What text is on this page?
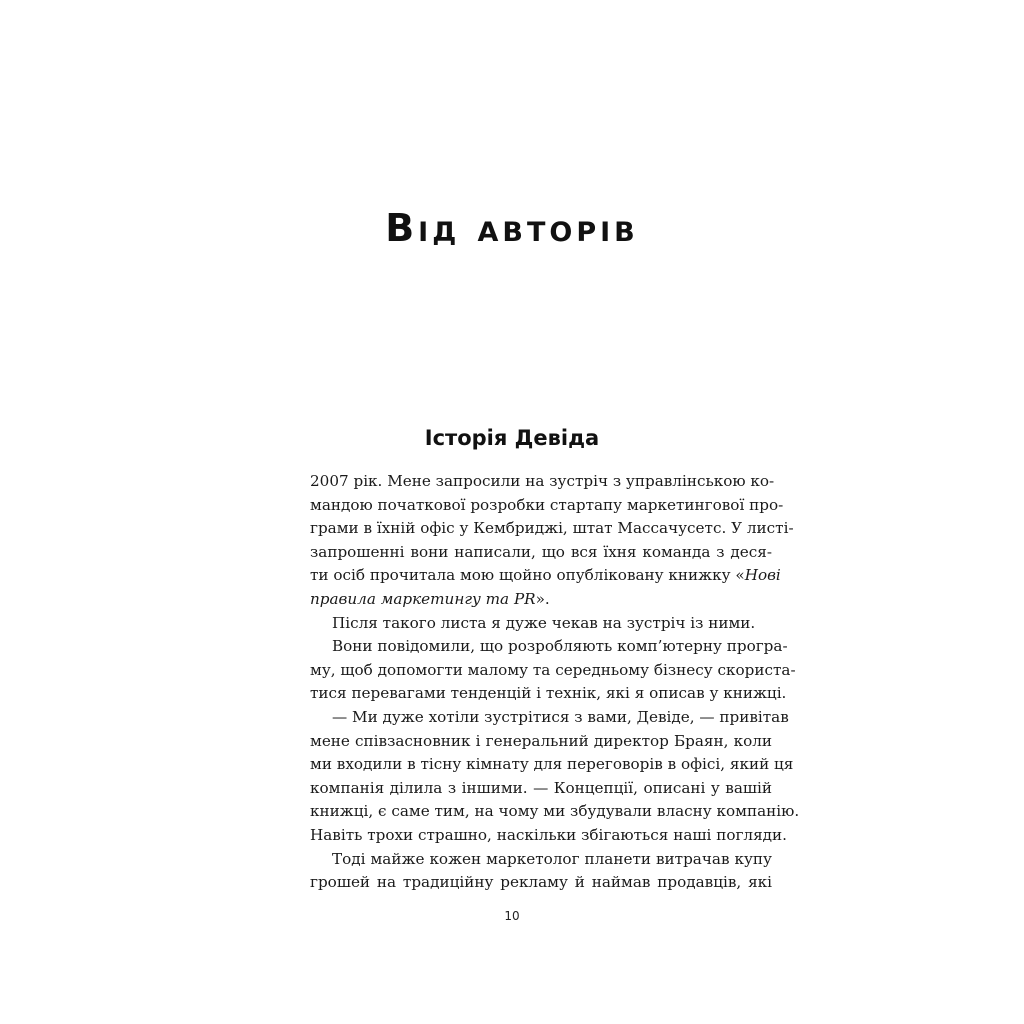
Від авторів
Історія Девіда
2007 рік. Мене запросили на зустріч з управлінською ко-
мандою початкової розробки стартапу маркетингової про-
грами в їхній офіс у Кембриджі, штат Массачусетс. У листі-
запрошенні вони написали, що вся їхня команда з деся-
ти осіб прочитала мою щойно опубліковану книжку «Нові
правила маркетингу та PR».
Після такого листа я дуже чекав на зустріч із ними.
Вони повідомили, що розробляють комп’ютерну програ-
му, щоб допомогти малому та середньому бізнесу скориста-
тися перевагами тенденцій і технік, які я описав у книжці.
— Ми дуже хотіли зустрітися з вами, Девіде, — привітав
мене співзасновник і генеральний директор Браян, коли
ми входили в тісну кімнату для переговорів в офісі, який ця
компанія ділила з іншими. — Концепції, описані у вашій
книжці, є саме тим, на чому ми збудували власну компанію.
Навіть трохи страшно, наскільки збігаються наші погляди.
Тоді майже кожен маркетолог планети витрачав купу
грошей на традиційну рекламу й наймав продавців, які
10
